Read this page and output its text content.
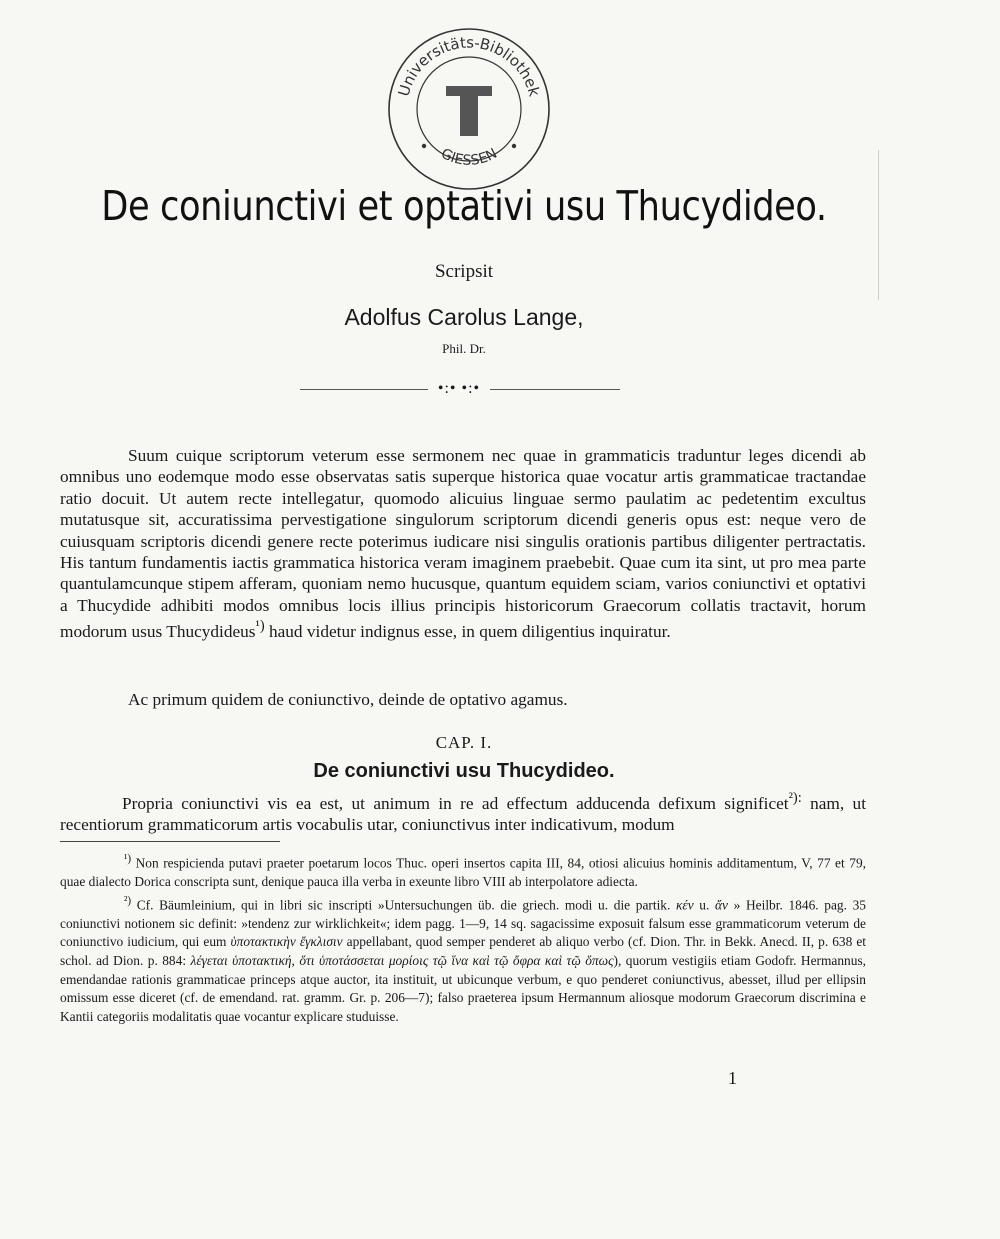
Universitäts-Bibliothek
GIESSEN
De coniunctivi et optativi usu Thucydideo.
Scripsit
Adolfus Carolus Lange,
Phil. Dr.
•:• •:•
Suum cuique scriptorum veterum esse sermonem nec quae in grammaticis traduntur leges dicendi ab omnibus uno eodemque modo esse observatas satis superque historica quae vocatur artis grammaticae tractandae ratio docuit. Ut autem recte intellegatur, quomodo alicuius linguae sermo paulatim ac pedetentim excultus mutatusque sit, accuratissima pervestigatione singulorum scriptorum dicendi generis opus est: neque vero de cuiusquam scriptoris dicendi genere recte poterimus iudicare nisi singulis orationis partibus diligenter pertractatis. His tantum fundamentis iactis grammatica historica veram imaginem praebebit. Quae cum ita sint, ut pro mea parte quantulamcunque stipem afferam, quoniam nemo hucusque, quantum equidem sciam, varios coniunctivi et optativi a Thucydide adhibiti modos omnibus locis illius principis historicorum Graecorum collatis tractavit, horum modorum usus Thucydideus$^{^1)}$ haud videtur indignus esse, in quem diligentius inquiratur.
Ac primum quidem de coniunctivo, deinde de optativo agamus.
CAP. I.
De coniunctivi usu Thucydideo.
Propria coniunctivi vis ea est, ut animum in re ad effectum adducenda defixum significet$^{^2):}$ nam, ut recentiorum grammaticorum artis vocabulis utar, coniunctivus inter indicativum, modum

$^{^1)}$ Non respicienda putavi praeter poetarum locos Thuc. operi insertos capita III, 84, otiosi alicuius hominis additamentum, V, 77 et 79, quae dialecto Dorica conscripta sunt, denique pauca illa verba in exeunte libro VIII ab interpolatore adiecta.

$^{^2)}$ Cf. Bäumleinium, qui in libri sic inscripti »Untersuchungen üb. die griech. modi u. die partik. κέν u. ἄν » Heilbr. 1846. pag. 35 coniunctivi notionem sic definit: »tendenz zur wirklichkeit«; idem pagg. 1—9, 14 sq. sagacissime exposuit falsum esse grammaticorum veterum de coniunctivo iudicium, qui eum ὑποτακτικὴν ἔγκλισιν appellabant, quod semper penderet ab aliquo verbo (cf. Dion. Thr. in Bekk. Anecd. II, p. 638 et schol. ad Dion. p. 884: λέγεται ὑποτακτική, ὅτι ὑποτάσσεται μορίοις τῷ ἵνα καὶ τῷ ὄφρα καὶ τῷ ὅπως), quorum vestigiis etiam Godofr. Hermannus, emendandae rationis grammaticae princeps atque auctor, ita instituit, ut ubicunque verbum, e quo penderet coniunctivus, abesset, illud per ellipsin omissum esse diceret (cf. de emendand. rat. gramm. Gr. p. 206—7); falso praeterea ipsum Hermannum aliosque modorum Graecorum discrimina e Kantii categoriis modalitatis quae vocantur explicare studuisse.

1
